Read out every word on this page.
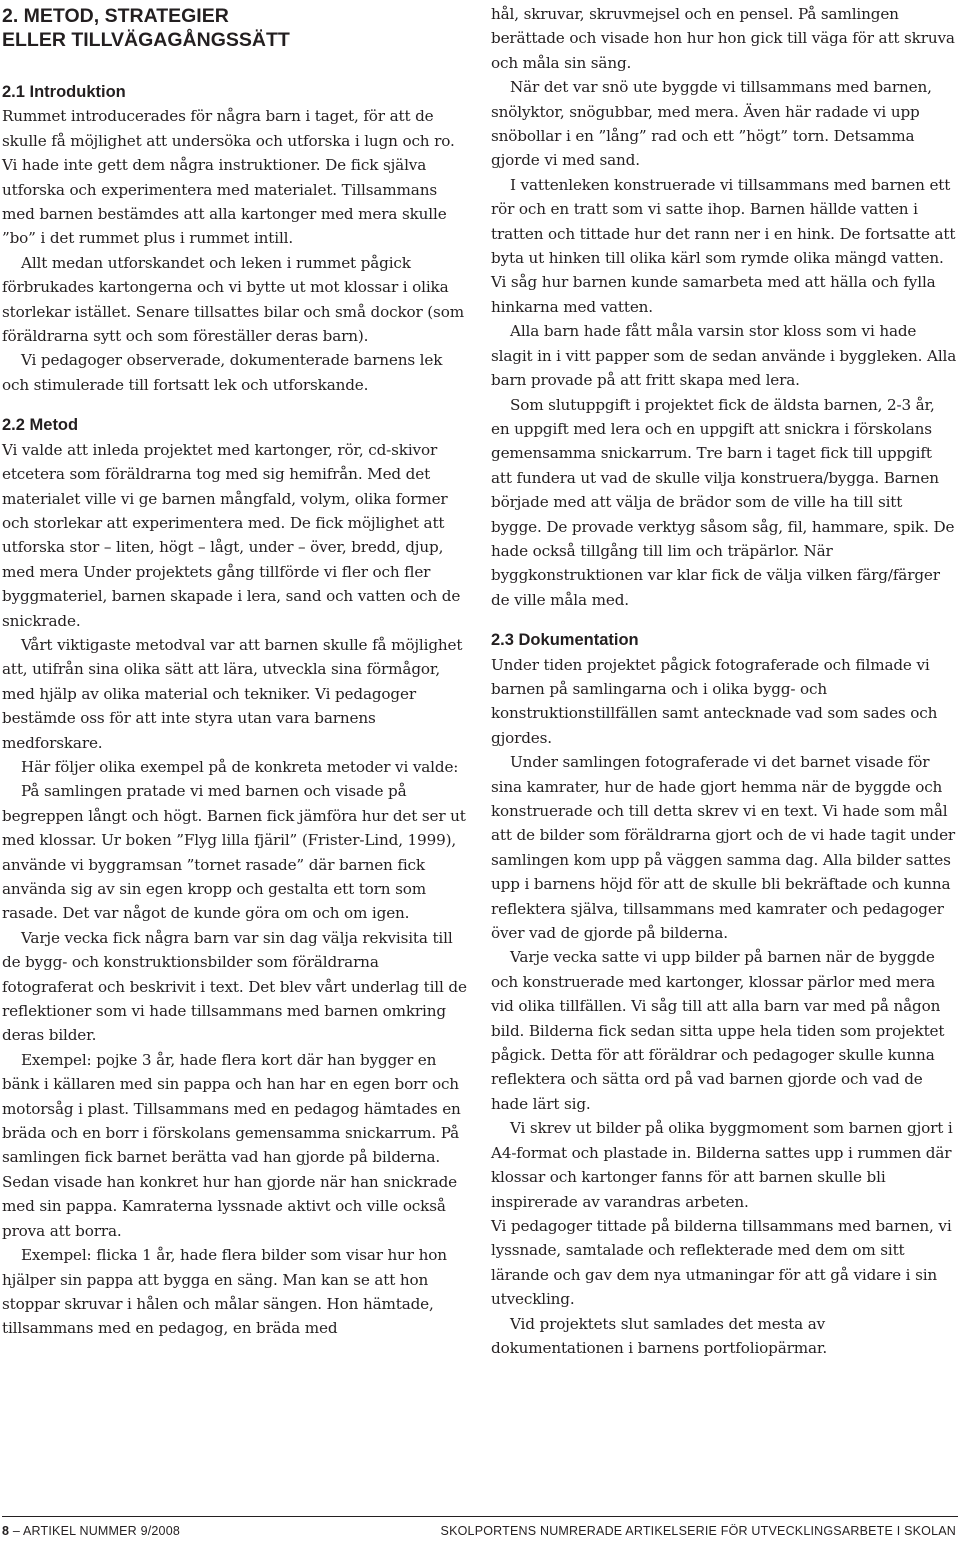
2. METOD, STRATEGIER
ELLER TILLVÄGAGÅNGSSÄTT
2.1 Introduktion

Rummet introducerades för några barn i taget, för att de skulle få möjlighet att undersöka och utforska i lugn och ro. Vi hade inte gett dem några instruktioner. De fick själva utforska och experimentera med materialet. Tillsammans med barnen bestämdes att alla kartonger med mera skulle ”bo” i det rummet plus i rummet intill.

Allt medan utforskandet och leken i rummet pågick förbrukades kartongerna och vi bytte ut mot klossar i olika storlekar istället. Senare tillsattes bilar och små dockor (som föräldrarna sytt och som föreställer deras barn).

Vi pedagoger observerade, dokumenterade barnens lek och stimulerade till fortsatt lek och utforskande.

2.2 Metod

Vi valde att inleda projektet med kartonger, rör, cd-skivor etcetera som föräldrarna tog med sig hemifrån. Med det materialet ville vi ge barnen mångfald, volym, olika former och storlekar att experimentera med. De fick möjlighet att utforska stor – liten, högt – lågt, under – över, bredd, djup, med mera Under projektets gång tillförde vi fler och fler byggmateriel, barnen skapade i lera, sand och vatten och de snickrade.

Vårt viktigaste metodval var att barnen skulle få möjlighet att, utifrån sina olika sätt att lära, utveckla sina förmågor, med hjälp av olika material och tekniker. Vi pedagoger bestämde oss för att inte styra utan vara barnens medforskare.

Här följer olika exempel på de konkreta metoder vi valde:

På samlingen pratade vi med barnen och visade på begreppen långt och högt. Barnen fick jämföra hur det ser ut med klossar. Ur boken ”Flyg lilla fjäril” (Frister-Lind, 1999), använde vi byggramsan ”tornet rasade” där barnen fick använda sig av sin egen kropp och gestalta ett torn som rasade. Det var något de kunde göra om och om igen.

Varje vecka fick några barn var sin dag välja rekvisita till de bygg- och konstruktionsbilder som föräldrarna fotograferat och beskrivit i text. Det blev vårt underlag till de reflektioner som vi hade tillsammans med barnen omkring deras bilder.

Exempel: pojke 3 år, hade flera kort där han bygger en bänk i källaren med sin pappa och han har en egen borr och motorsåg i plast. Tillsammans med en pedagog hämtades en bräda och en borr i förskolans gemensamma snickarrum. På samlingen fick barnet berätta vad han gjorde på bilderna. Sedan visade han konkret hur han gjorde när han snickrade med sin pappa. Kamraterna lyssnade aktivt och ville också prova att borra.

Exempel: flicka 1 år, hade flera bilder som visar hur hon hjälper sin pappa att bygga en säng. Man kan se att hon stoppar skruvar i hålen och målar sängen. Hon hämtade, tillsammans med en pedagog, en bräda med

hål, skruvar, skruvmejsel och en pensel. På samlingen berättade och visade hon hur hon gick till väga för att skruva och måla sin säng.

När det var snö ute byggde vi tillsammans med barnen, snölyktor, snögubbar, med mera. Även här radade vi upp snöbollar i en ”lång” rad och ett ”högt” torn. Detsamma gjorde vi med sand.

I vattenleken konstruerade vi tillsammans med barnen ett rör och en tratt som vi satte ihop. Barnen hällde vatten i tratten och tittade hur det rann ner i en hink. De fortsatte att byta ut hinken till olika kärl som rymde olika mängd vatten. Vi såg hur barnen kunde samarbeta med att hälla och fylla hinkarna med vatten.

Alla barn hade fått måla varsin stor kloss som vi hade slagit in i vitt papper som de sedan använde i byggleken. Alla barn provade på att fritt skapa med lera.

Som slutuppgift i projektet fick de äldsta barnen, 2-3 år, en uppgift med lera och en uppgift att snickra i förskolans gemensamma snickarrum. Tre barn i taget fick till uppgift att fundera ut vad de skulle vilja konstruera/bygga. Barnen började med att välja de brädor som de ville ha till sitt bygge. De provade verktyg såsom såg, fil, hammare, spik. De hade också tillgång till lim och träpärlor. När byggkonstruktionen var klar fick de välja vilken färg/färger de ville måla med.

2.3 Dokumentation

Under tiden projektet pågick fotograferade och filmade vi barnen på samlingarna och i olika bygg- och konstruktionstillfällen samt antecknade vad som sades och gjordes.

Under samlingen fotograferade vi det barnet visade för sina kamrater, hur de hade gjort hemma när de byggde och konstruerade och till detta skrev vi en text. Vi hade som mål att de bilder som föräldrarna gjort och de vi hade tagit under samlingen kom upp på väggen samma dag. Alla bilder sattes upp i barnens höjd för att de skulle bli bekräftade och kunna reflektera själva, tillsammans med kamrater och pedagoger över vad de gjorde på bilderna.

Varje vecka satte vi upp bilder på barnen när de byggde och konstruerade med kartonger, klossar pärlor med mera vid olika tillfällen. Vi såg till att alla barn var med på någon bild. Bilderna fick sedan sitta uppe hela tiden som projektet pågick. Detta för att föräldrar och pedagoger skulle kunna reflektera och sätta ord på vad barnen gjorde och vad de hade lärt sig.

Vi skrev ut bilder på olika byggmoment som barnen gjort i A4-format och plastade in. Bilderna sattes upp i rummen där klossar och kartonger fanns för att barnen skulle bli inspirerade av varandras arbeten.

Vi pedagoger tittade på bilderna tillsammans med barnen, vi lyssnade, samtalade och reflekterade med dem om sitt lärande och gav dem nya utmaningar för att gå vidare i sin utveckling.

Vid projektets slut samlades det mesta av dokumentationen i barnens portfoliopärmar.

8 – ARTIKEL NUMMER 9/2008	SKOLPORTENS NUMRERADE ARTIKELSERIE FÖR UTVECKLINGSARBETE I SKOLAN
